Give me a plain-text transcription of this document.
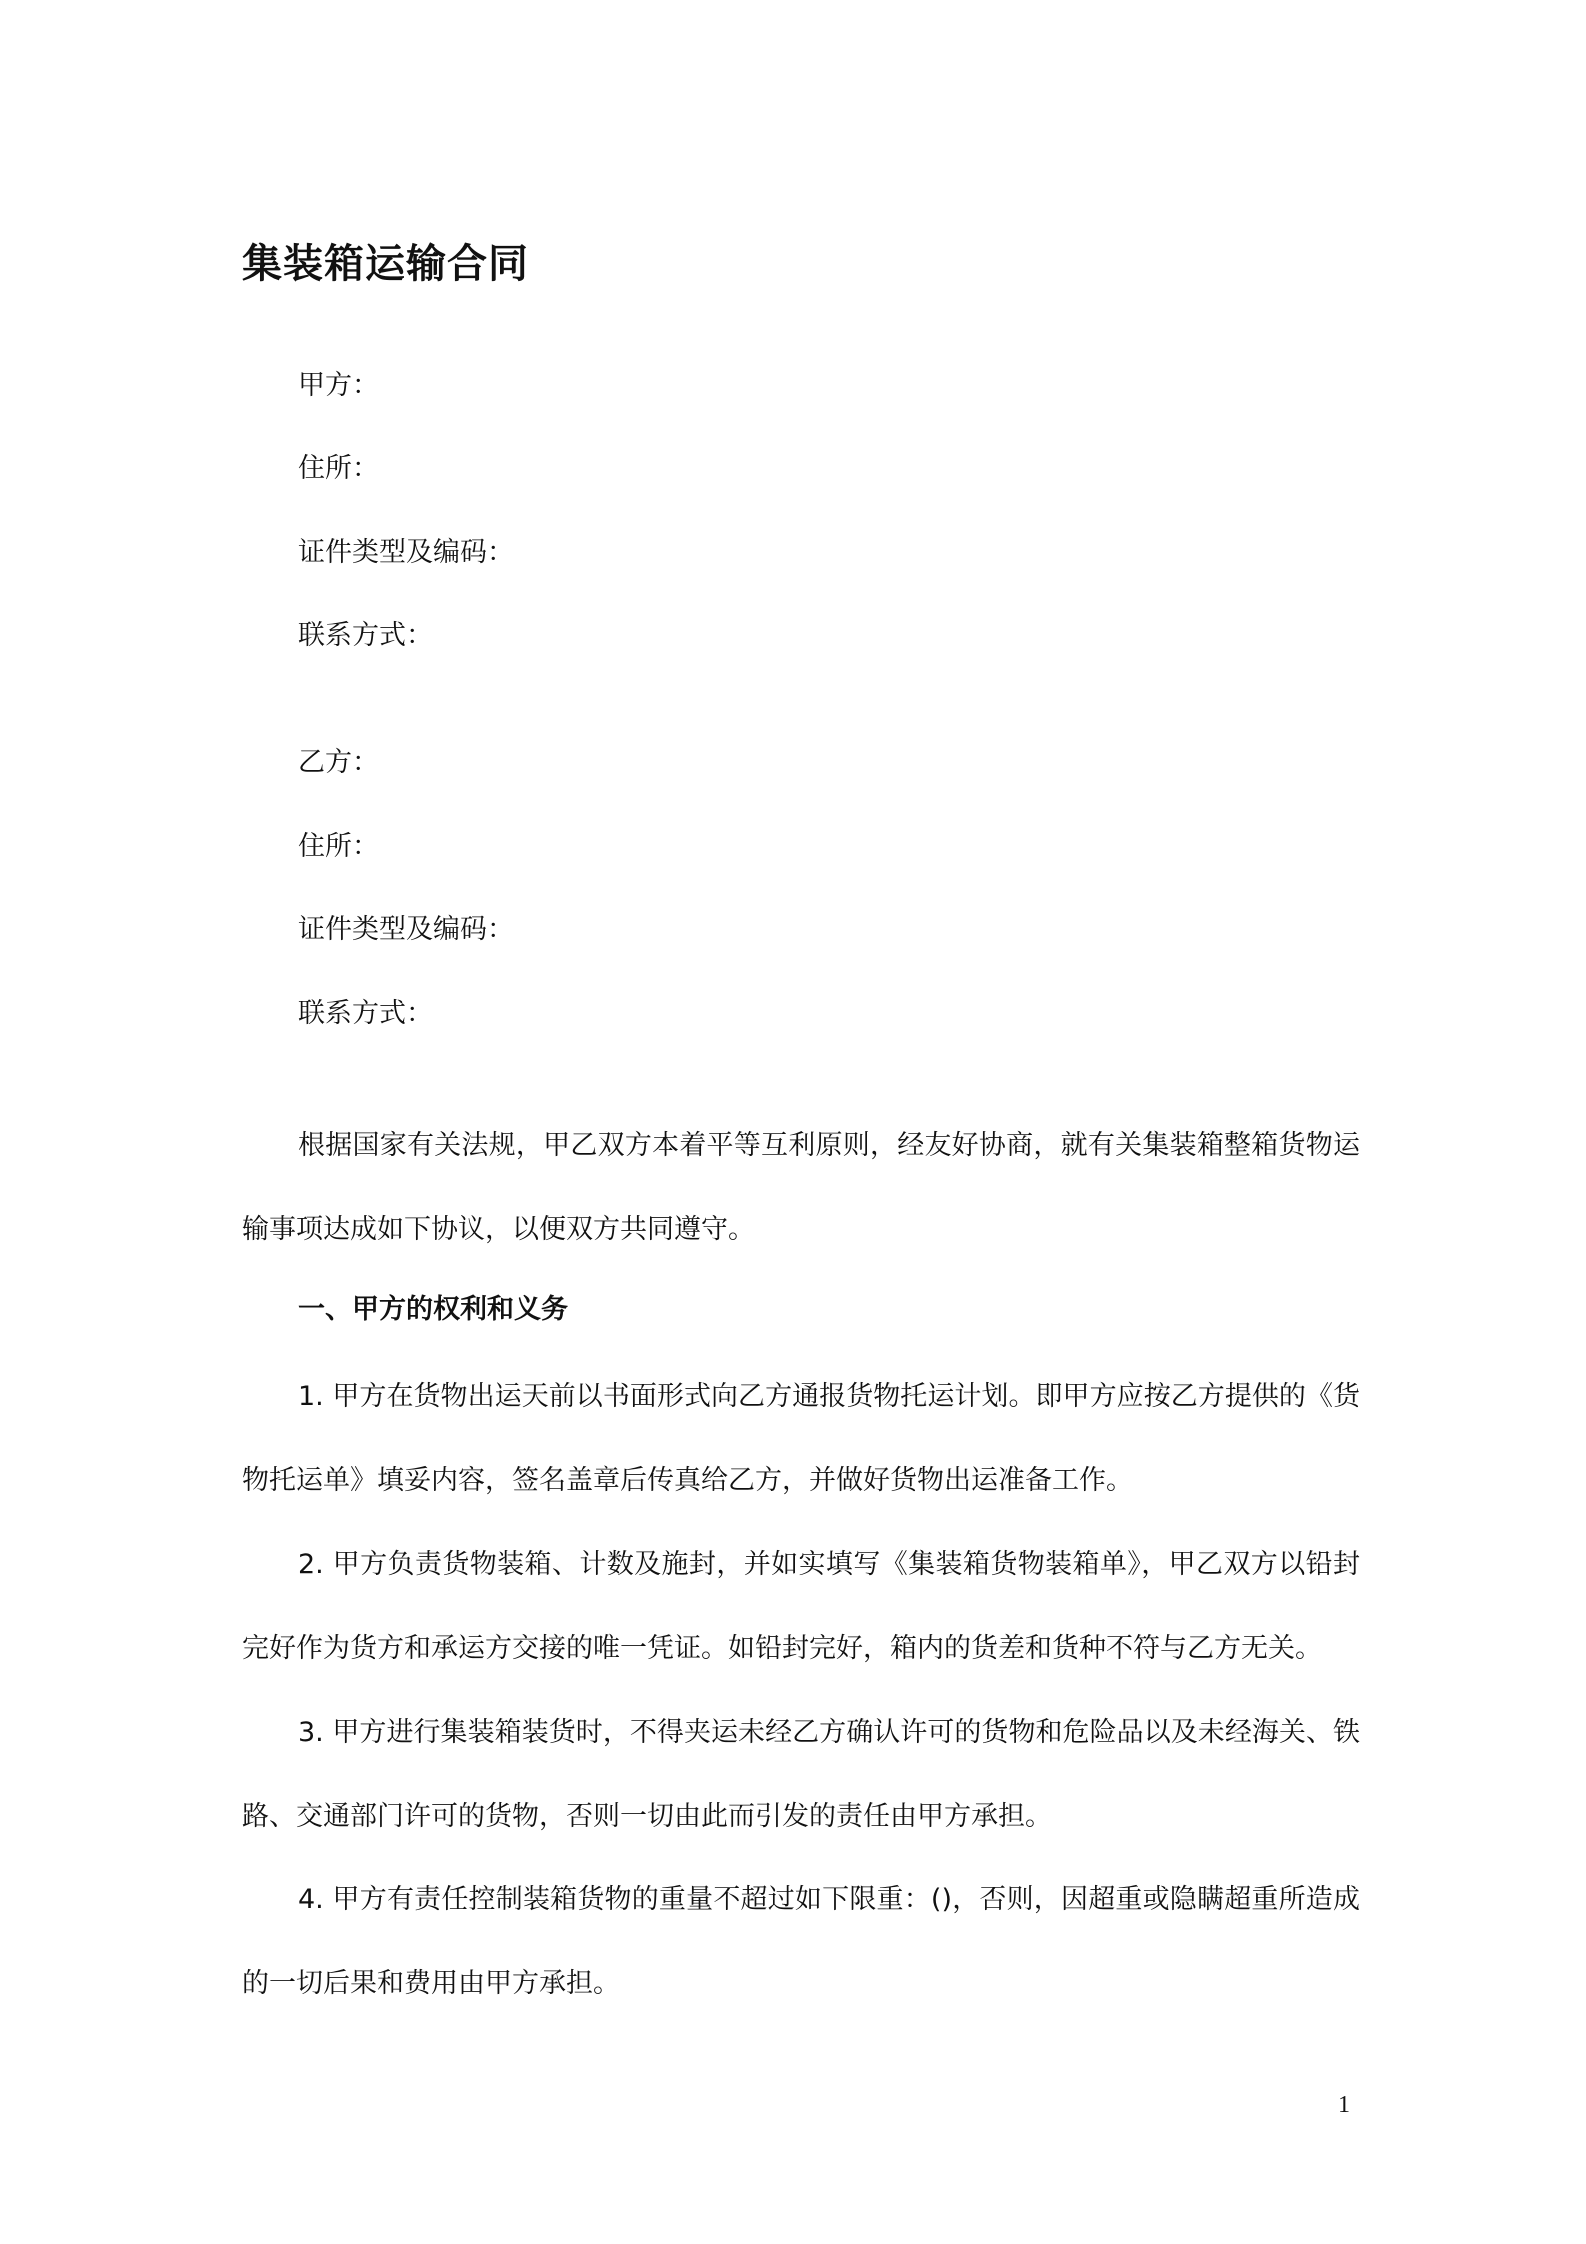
集装箱运输合同

甲方：

住所：

证件类型及编码：

联系方式：

乙方：

住所：

证件类型及编码：

联系方式：

根据国家有关法规，甲乙双方本着平等互利原则，经友好协商，就有关集装箱整箱货物运输事项达成如下协议，以便双方共同遵守。

一、甲方的权利和义务

1. 甲方在货物出运天前以书面形式向乙方通报货物托运计划。即甲方应按乙方提供的《货物托运单》填妥内容，签名盖章后传真给乙方，并做好货物出运准备工作。

2. 甲方负责货物装箱、计数及施封，并如实填写《集装箱货物装箱单》，甲乙双方以铅封完好作为货方和承运方交接的唯一凭证。如铅封完好，箱内的货差和货种不符与乙方无关。

3. 甲方进行集装箱装货时，不得夹运未经乙方确认许可的货物和危险品以及未经海关、铁路、交通部门许可的货物，否则一切由此而引发的责任由甲方承担。

4. 甲方有责任控制装箱货物的重量不超过如下限重：()，否则，因超重或隐瞒超重所造成的一切后果和费用由甲方承担。

1
